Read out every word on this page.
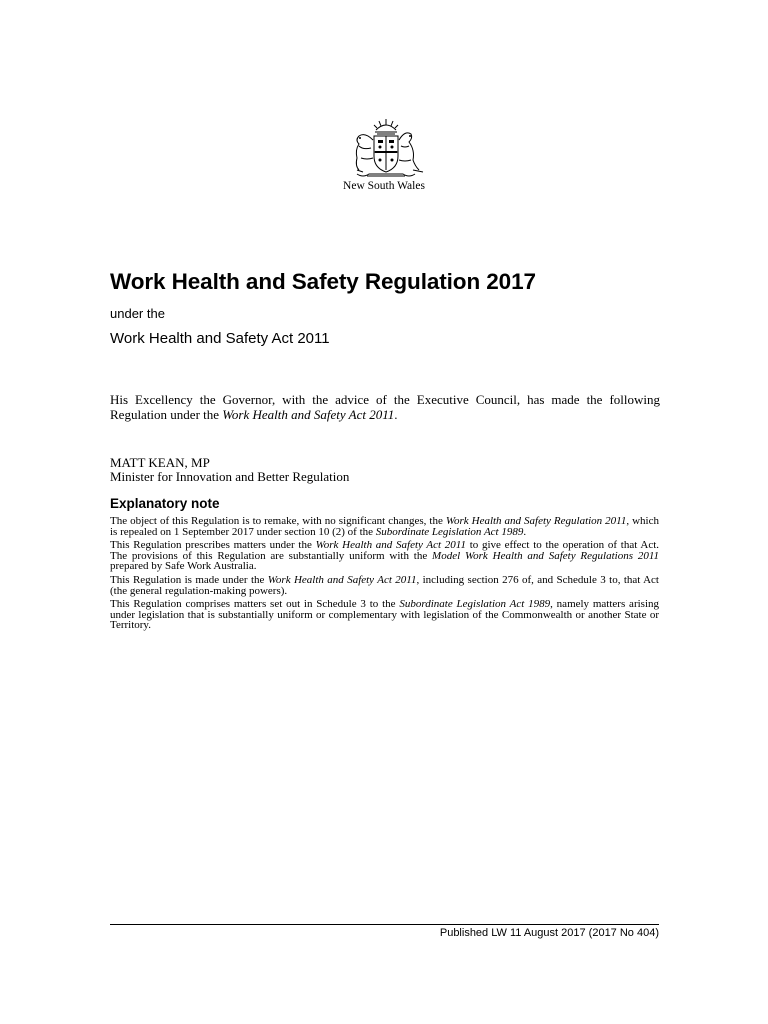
New South Wales
Work Health and Safety Regulation 2017
under the
Work Health and Safety Act 2011

His Excellency the Governor, with the advice of the Executive Council, has made the following Regulation under the Work Health and Safety Act 2011.

MATT KEAN, MP
Minister for Innovation and Better Regulation
Explanatory note

The object of this Regulation is to remake, with no significant changes, the Work Health and Safety Regulation 2011, which is repealed on 1 September 2017 under section 10 (2) of the Subordinate Legislation Act 1989.

This Regulation prescribes matters under the Work Health and Safety Act 2011 to give effect to the operation of that Act. The provisions of this Regulation are substantially uniform with the Model Work Health and Safety Regulations 2011 prepared by Safe Work Australia.

This Regulation is made under the Work Health and Safety Act 2011, including section 276 of, and Schedule 3 to, that Act (the general regulation-making powers).

This Regulation comprises matters set out in Schedule 3 to the Subordinate Legislation Act 1989, namely matters arising under legislation that is substantially uniform or complementary with legislation of the Commonwealth or another State or Territory.

Published LW 11 August 2017 (2017 No 404)
